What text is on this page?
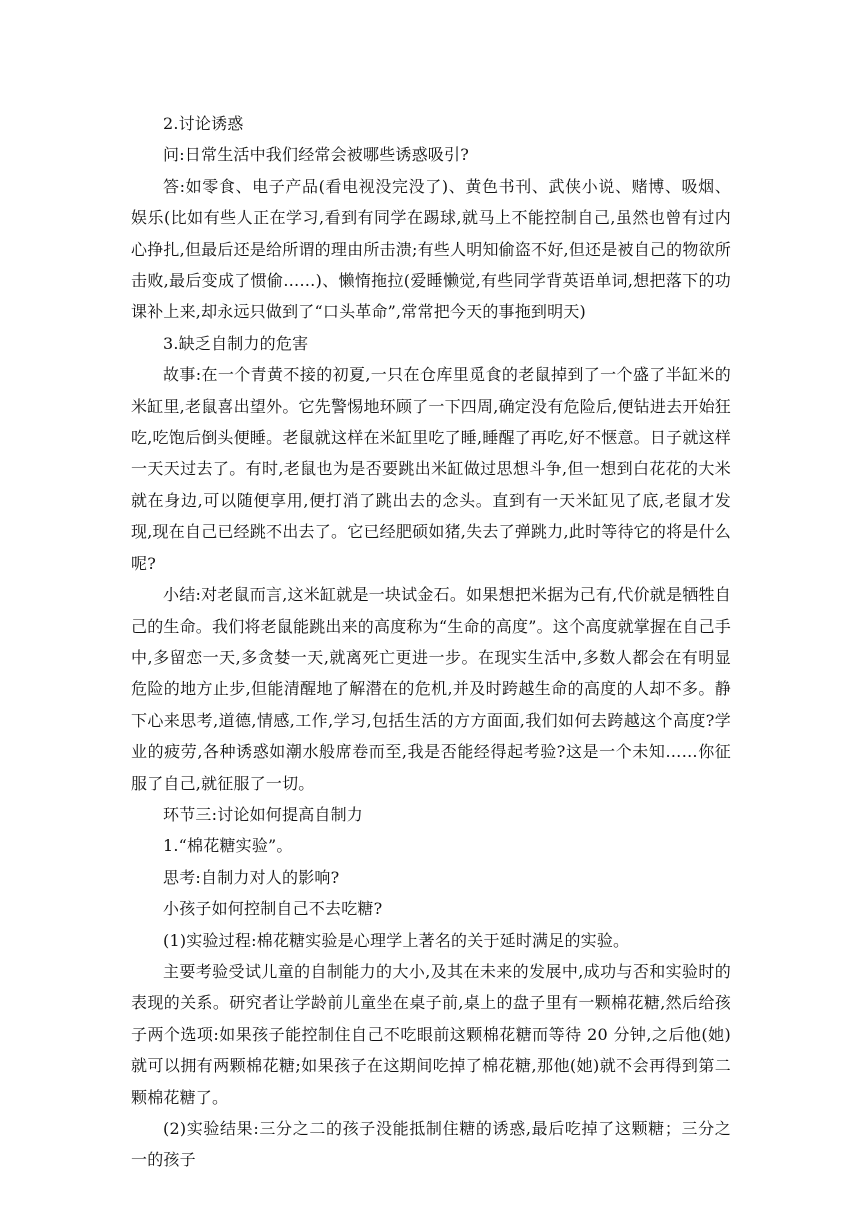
2.讨论诱惑

问:日常生活中我们经常会被哪些诱惑吸引?

答:如零食、电子产品(看电视没完没了)、黄色书刊、武侠小说、赌博、吸烟、娱乐(比如有些人正在学习,看到有同学在踢球,就马上不能控制自己,虽然也曾有过内心挣扎,但最后还是给所谓的理由所击溃;有些人明知偷盗不好,但还是被自己的物欲所击败,最后变成了惯偷……)、懒惰拖拉(爱睡懒觉,有些同学背英语单词,想把落下的功课补上来,却永远只做到了“口头革命”,常常把今天的事拖到明天)

3.缺乏自制力的危害

故事:在一个青黄不接的初夏,一只在仓库里觅食的老鼠掉到了一个盛了半缸米的米缸里,老鼠喜出望外。它先警惕地环顾了一下四周,确定没有危险后,便钻进去开始狂吃,吃饱后倒头便睡。老鼠就这样在米缸里吃了睡,睡醒了再吃,好不惬意。日子就这样一天天过去了。有时,老鼠也为是否要跳出米缸做过思想斗争,但一想到白花花的大米就在身边,可以随便享用,便打消了跳出去的念头。直到有一天米缸见了底,老鼠才发现,现在自己已经跳不出去了。它已经肥硕如猪,失去了弹跳力,此时等待它的将是什么呢?

小结:对老鼠而言,这米缸就是一块试金石。如果想把米据为己有,代价就是牺牲自己的生命。我们将老鼠能跳出来的高度称为“生命的高度”。这个高度就掌握在自己手中,多留恋一天,多贪婪一天,就离死亡更进一步。在现实生活中,多数人都会在有明显危险的地方止步,但能清醒地了解潜在的危机,并及时跨越生命的高度的人却不多。静下心来思考,道德,情感,工作,学习,包括生活的方方面面,我们如何去跨越这个高度?学业的疲劳,各种诱惑如潮水般席卷而至,我是否能经得起考验?这是一个未知……你征服了自己,就征服了一切。

环节三:讨论如何提高自制力

1.“棉花糖实验”。

思考:自制力对人的影响?

小孩子如何控制自己不去吃糖?

(1)实验过程:棉花糖实验是心理学上著名的关于延时满足的实验。

主要考验受试儿童的自制能力的大小,及其在未来的发展中,成功与否和实验时的表现的关系。研究者让学龄前儿童坐在桌子前,桌上的盘子里有一颗棉花糖,然后给孩子两个选项:如果孩子能控制住自己不吃眼前这颗棉花糖而等待 20 分钟,之后他(她)就可以拥有两颗棉花糖;如果孩子在这期间吃掉了棉花糖,那他(她)就不会再得到第二颗棉花糖了。

(2)实验结果:三分之二的孩子没能抵制住糖的诱惑,最后吃掉了这颗糖；三分之一的孩子
